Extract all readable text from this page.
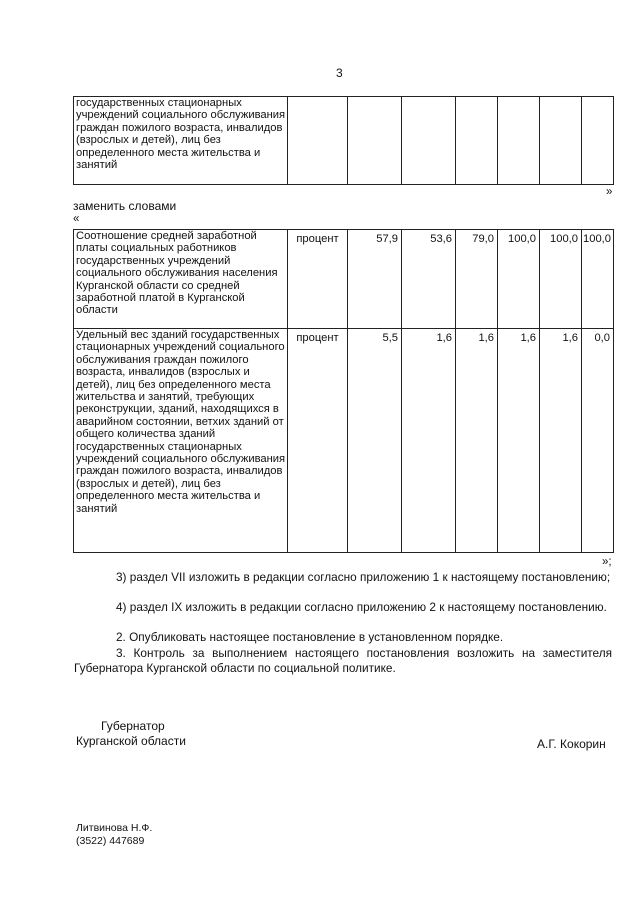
3
государственных стационарных учреждений социального обслуживания граждан пожилого возраста, инвалидов (взрослых и детей), лиц без определенного места жительства и занятий							
»
заменить словами
«
Соотношение средней заработной платы социальных работников государственных учреждений социального обслуживания населения Курганской области со средней заработной платой в Курганской области	процент	57,9	53,6	79,0	100,0	100,0	100,0
Удельный вес зданий государственных стационарных учреждений социального обслуживания граждан пожилого возраста, инвалидов (взрослых и детей), лиц без определенного места жительства и занятий, требующих реконструкции, зданий, находящихся в аварийном состоянии, ветхих зданий от общего количества зданий государственных стационарных учреждений социального обслуживания граждан пожилого возраста, инвалидов (взрослых и детей), лиц без определенного места жительства и занятий	процент	5,5	1,6	1,6	1,6	1,6	0,0
»;
3) раздел VII изложить в редакции согласно приложению 1 к настоящему постановлению;
4) раздел IX изложить в редакции согласно приложению 2 к настоящему постановлению.
2. Опубликовать настоящее постановление в установленном порядке.
3. Контроль за выполнением настоящего постановления возложить на заместителя Губернатора Курганской области по социальной политике.
Губернатор
Курганской области	А.Г. Кокорин
Литвинова Н.Ф.
(3522) 447689
